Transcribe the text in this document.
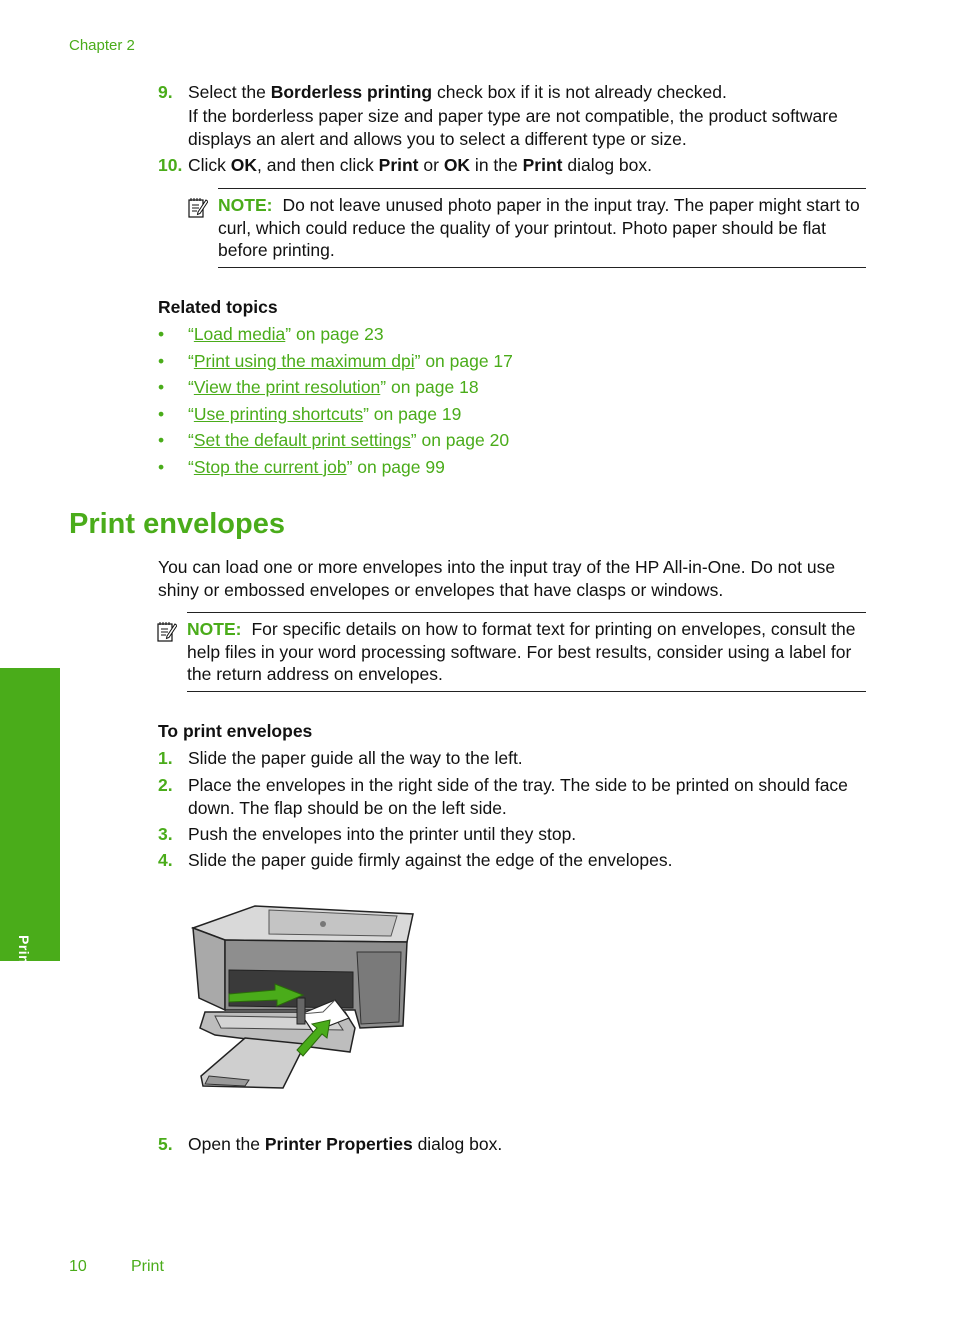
Chapter 2
9. Select the Borderless printing check box if it is not already checked.
If the borderless paper size and paper type are not compatible, the product software displays an alert and allows you to select a different type or size.
10. Click OK, and then click Print or OK in the Print dialog box.
NOTE: Do not leave unused photo paper in the input tray. The paper might start to curl, which could reduce the quality of your printout. Photo paper should be flat before printing.
Related topics
• “Load media” on page 23
• “Print using the maximum dpi” on page 17
• “View the print resolution” on page 18
• “Use printing shortcuts” on page 19
• “Set the default print settings” on page 20
• “Stop the current job” on page 99
Print envelopes
You can load one or more envelopes into the input tray of the HP All-in-One. Do not use shiny or embossed envelopes or envelopes that have clasps or windows.
NOTE: For specific details on how to format text for printing on envelopes, consult the help files in your word processing software. For best results, consider using a label for the return address on envelopes.
To print envelopes
1. Slide the paper guide all the way to the left.
2. Place the envelopes in the right side of the tray. The side to be printed on should face down. The flap should be on the left side.
3. Push the envelopes into the printer until they stop.
4. Slide the paper guide firmly against the edge of the envelopes.
5. Open the Printer Properties dialog box.
Print
10	Print
